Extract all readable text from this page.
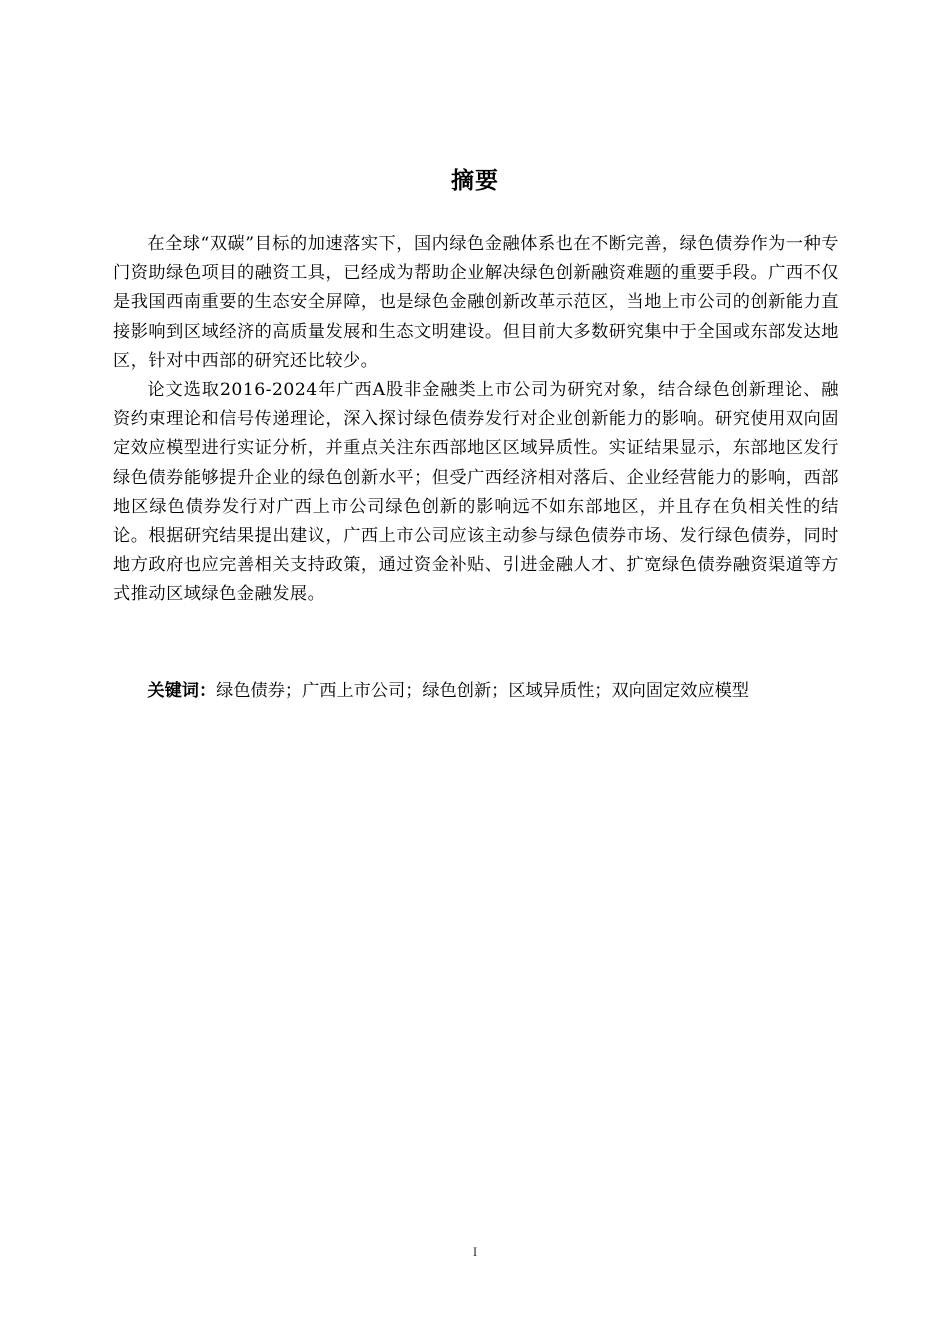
摘要

在全球“双碳”目标的加速落实下，国内绿色金融体系也在不断完善，绿色债券作为一种专门资助绿色项目的融资工具，已经成为帮助企业解决绿色创新融资难题的重要手段。广西不仅是我国西南重要的生态安全屏障，也是绿色金融创新改革示范区，当地上市公司的创新能力直接影响到区域经济的高质量发展和生态文明建设。但目前大多数研究集中于全国或东部发达地区，针对中西部的研究还比较少。

论文选取2016-2024年广西A股非金融类上市公司为研究对象，结合绿色创新理论、融资约束理论和信号传递理论，深入探讨绿色债券发行对企业创新能力的影响。研究使用双向固定效应模型进行实证分析，并重点关注东西部地区区域异质性。实证结果显示，东部地区发行绿色债券能够提升企业的绿色创新水平；但受广西经济相对落后、企业经营能力的影响，西部地区绿色债券发行对广西上市公司绿色创新的影响远不如东部地区，并且存在负相关性的结论。根据研究结果提出建议，广西上市公司应该主动参与绿色债券市场、发行绿色债券，同时地方政府也应完善相关支持政策，通过资金补贴、引进金融人才、扩宽绿色债券融资渠道等方式推动区域绿色金融发展。

关键词：绿色债券；广西上市公司；绿色创新；区域异质性；双向固定效应模型
I
